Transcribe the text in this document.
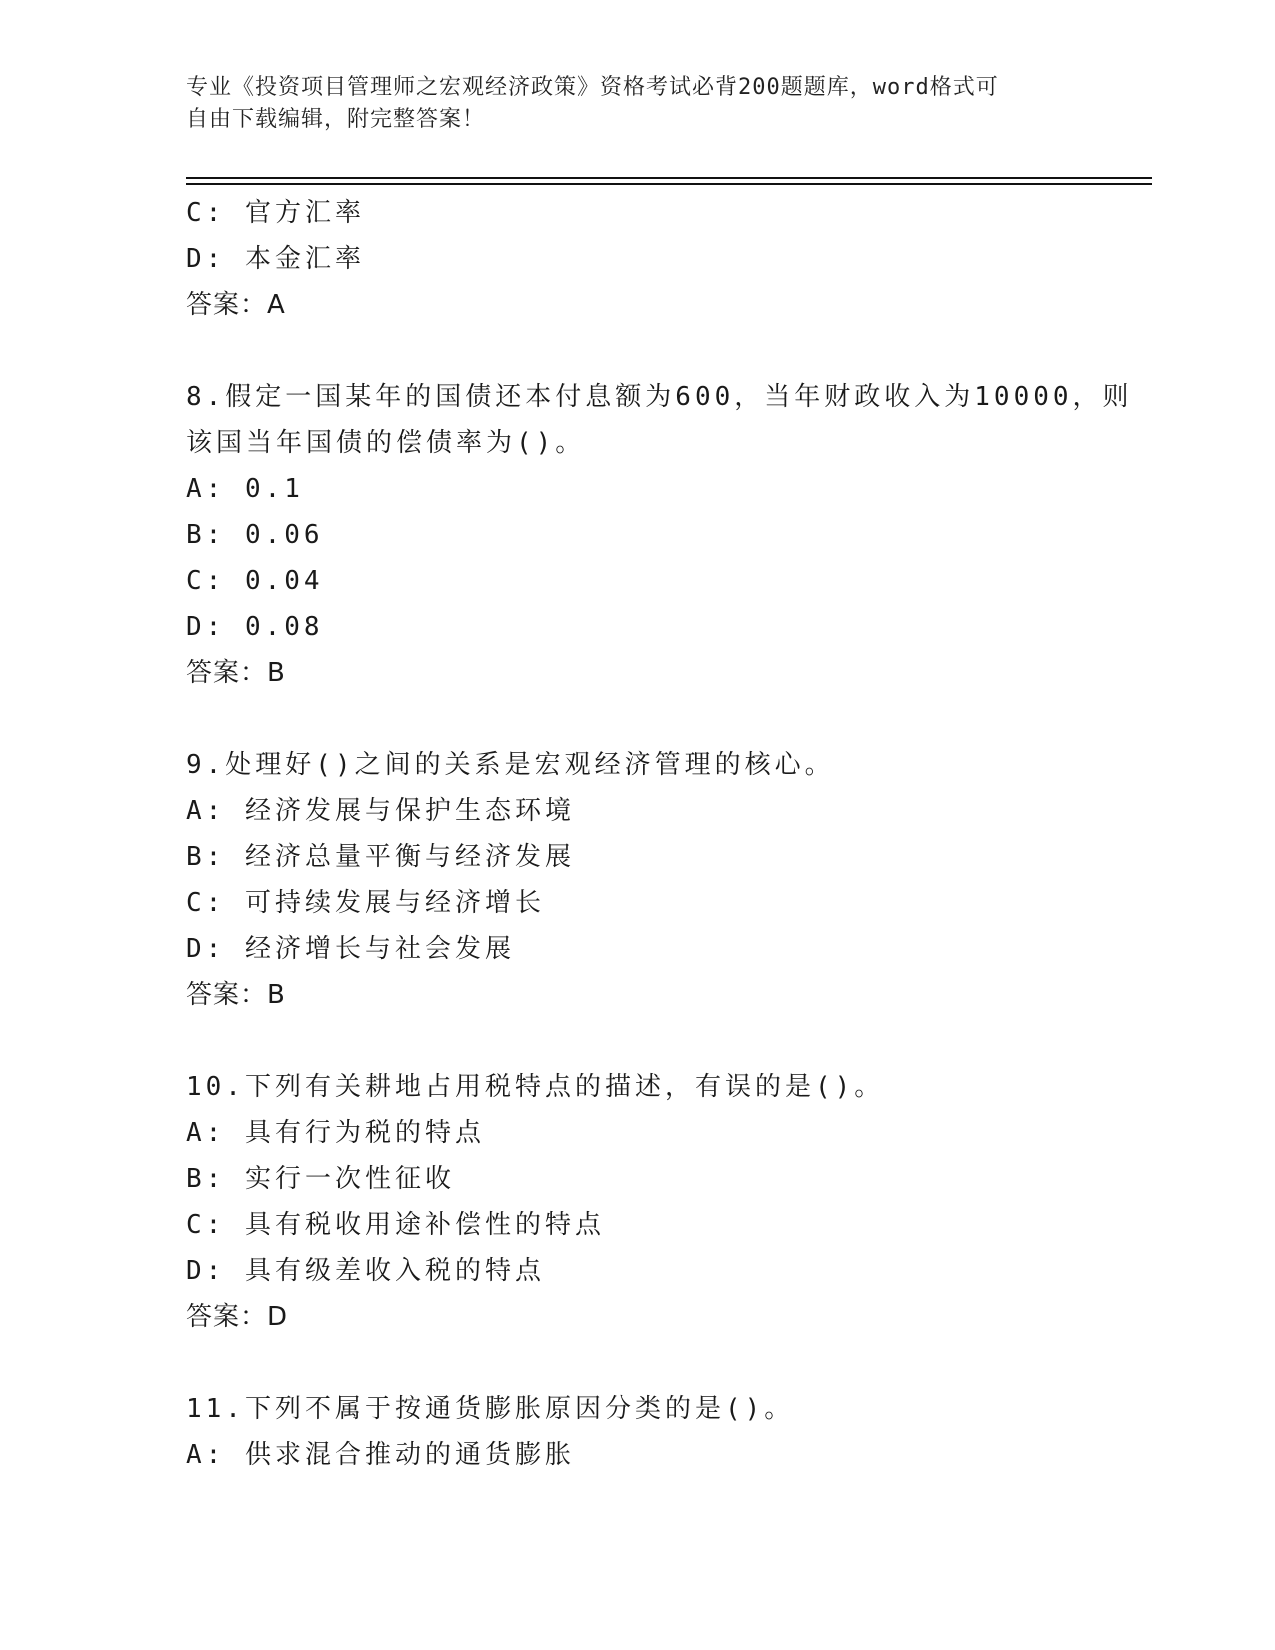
专业《投资项目管理师之宏观经济政策》资格考试必背200题题库，word格式可
自由下载编辑，附完整答案！
C: 官方汇率
D: 本金汇率
答案：A
8.假定一国某年的国债还本付息额为600，当年财政收入为10000，则
该国当年国债的偿债率为()。
A: 0.1
B: 0.06
C: 0.04
D: 0.08
答案：B
9.处理好()之间的关系是宏观经济管理的核心。
A: 经济发展与保护生态环境
B: 经济总量平衡与经济发展
C: 可持续发展与经济增长
D: 经济增长与社会发展
答案：B
10.下列有关耕地占用税特点的描述，有误的是()。
A: 具有行为税的特点
B: 实行一次性征收
C: 具有税收用途补偿性的特点
D: 具有级差收入税的特点
答案：D
11.下列不属于按通货膨胀原因分类的是()。
A: 供求混合推动的通货膨胀
